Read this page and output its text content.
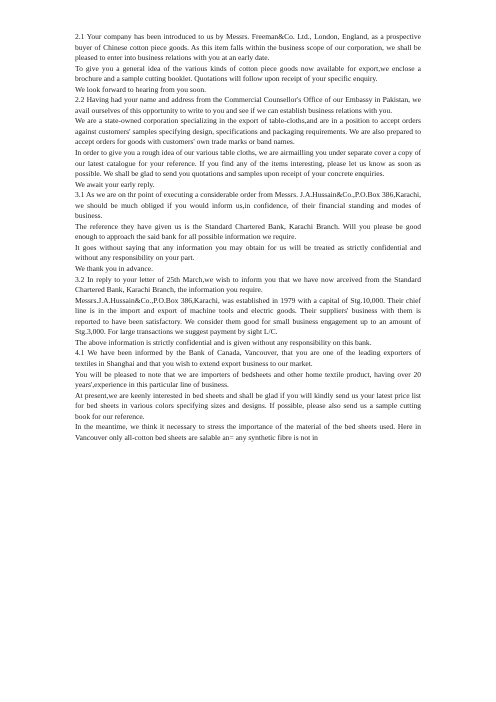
2.1 Your company has been introduced to us by Messrs. Freeman&Co. Ltd., London, England, as a prospective buyer of Chinese cotton piece goods. As this item falls within the business scope of our corporation, we shall be pleased to enter into business relations with you at an early date.

To give you a general idea of the various kinds of cotton piece goods now available for export,we enclose a brochure and a sample cutting booklet. Quotations will follow upon receipt of your specific enquiry.

We look forward to hearing from you soon.

2.2 Having had your name and address from the Commercial Counsellor's Office of our Embassy in Pakistan, we avail ourselves of this opportunity to write to you and see if we can establish business relations with you.

We are a state-owned corporation specializing in the export of table-cloths,and are in a position to accept orders against customers' samples specifying design, specifications and packaging requirements. We are also prepared to accept orders for goods with customers' own trade marks or band names.

In order to give you a rough idea of our various table cloths, we are airmailling you under separate cover a copy of our latest catalogue for your reference. If you find any of the items interesting, please let us know as soon as possible. We shall be glad to send you quotations and samples upon receipt of your concrete enquiries.

We await your early reply.

3.1 As we are on thr point of executing a considerable order from Messrs. J.A.Hussain&Co.,P.O.Box 386,Karachi, we should be much obliged if you would inform us,in confidence, of their financial standing and modes of business.

The reference they have given us is the Standard Chartered Bank, Karachi Branch. Will you please be good enough to approach the said bank for all possible information we require.

It goes without saying that any information you may obtain for us will be treated as strictly confidential and without any responsibility on your part.

We thank you in advance.

3.2 In reply to your letter of 25th March,we wish to inform you that we have now arceived from the Standard Chartered Bank, Karachi Branch, the information you require.

Messrs.J.A.Hussain&Co.,P.O.Box 386,Karachi, was established in 1979 with a capital of Stg.10,000. Their chief line is in the import and export of machine tools and electric goods. Their suppliers' business with them is reported to have been satisfactory. We consider them good for small business engagement up to an amount of Stg.3,000. For large transactions we suggest payment by sight L/C.

The above information is strictly confidential and is given without any responsibility on this bank.

4.1 We have been informed by the Bank of Canada, Vancouver, that you are one of the leading exporters of textiles in Shanghai and that you wish to extend export business to our market.

You will be pleased to note that we are importers of bedsheets and other home textile product, having over 20 years',experience in this particular line of business.

At present,we are keenly interested in bed sheets and shall be glad if you will kindly send us your latest price list for bed sheets in various colors specifying sizes and designs. If possible, please also send us a sample cutting book for our reference.

In the meantime, we think it necessary to stress the importance of the material of the bed sheets used. Here in Vancouver only all-cotton bed sheets are salable an= any synthetic fibre is not in
